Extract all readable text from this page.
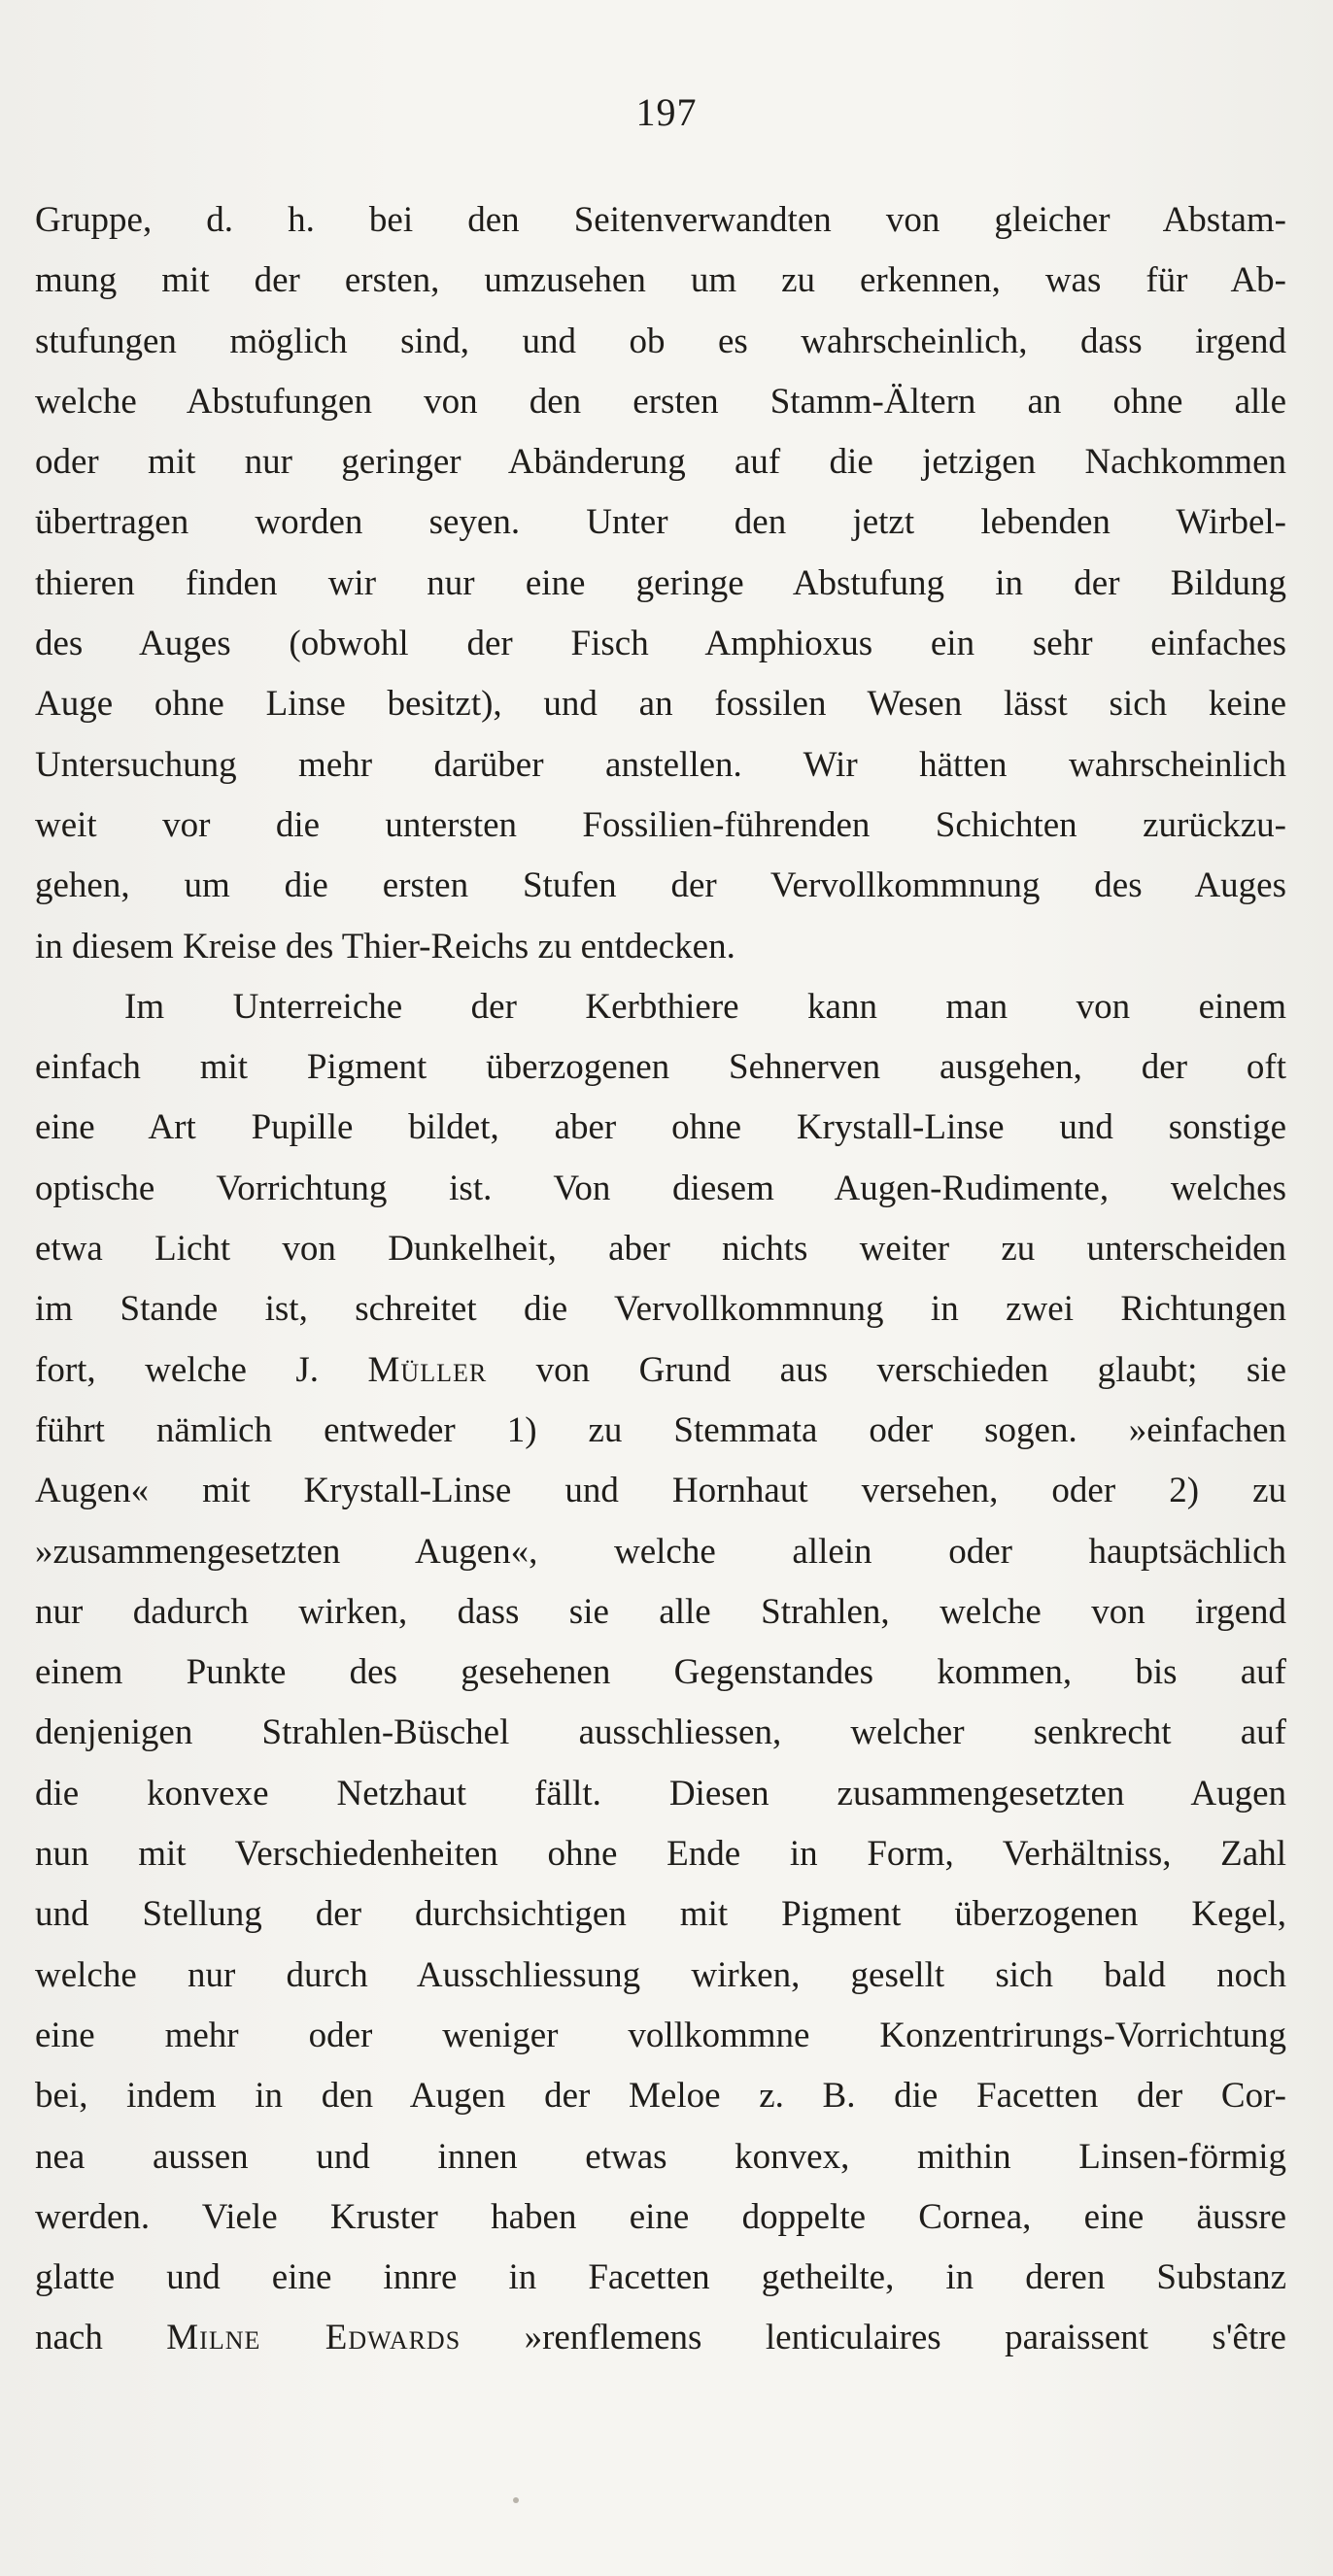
197
Gruppe, d. h. bei den Seitenverwandten von gleicher Abstam-
mung mit der ersten, umzusehen um zu erkennen, was für Ab-
stufungen möglich sind, und ob es wahrscheinlich, dass irgend
welche Abstufungen von den ersten Stamm-Ältern an ohne alle
oder mit nur geringer Abänderung auf die jetzigen Nachkommen
übertragen worden seyen. Unter den jetzt lebenden Wirbel-
thieren finden wir nur eine geringe Abstufung in der Bildung
des Auges (obwohl der Fisch Amphioxus ein sehr einfaches
Auge ohne Linse besitzt), und an fossilen Wesen lässt sich keine
Untersuchung mehr darüber anstellen. Wir hätten wahrscheinlich
weit vor die untersten Fossilien-führenden Schichten zurückzu-
gehen, um die ersten Stufen der Vervollkommnung des Auges
in diesem Kreise des Thier-Reichs zu entdecken.
Im Unterreiche der Kerbthiere kann man von einem
einfach mit Pigment überzogenen Sehnerven ausgehen, der oft
eine Art Pupille bildet, aber ohne Krystall-Linse und sonstige
optische Vorrichtung ist. Von diesem Augen-Rudimente, welches
etwa Licht von Dunkelheit, aber nichts weiter zu unterscheiden
im Stande ist, schreitet die Vervollkommnung in zwei Richtungen
fort, welche J. Müller von Grund aus verschieden glaubt; sie
führt nämlich entweder 1) zu Stemmata oder sogen. »einfachen
Augen« mit Krystall-Linse und Hornhaut versehen, oder 2) zu
»zusammengesetzten Augen«, welche allein oder hauptsächlich
nur dadurch wirken, dass sie alle Strahlen, welche von irgend
einem Punkte des gesehenen Gegenstandes kommen, bis auf
denjenigen Strahlen-Büschel ausschliessen, welcher senkrecht auf
die konvexe Netzhaut fällt. Diesen zusammengesetzten Augen
nun mit Verschiedenheiten ohne Ende in Form, Verhältniss, Zahl
und Stellung der durchsichtigen mit Pigment überzogenen Kegel,
welche nur durch Ausschliessung wirken, gesellt sich bald noch
eine mehr oder weniger vollkommne Konzentrirungs-Vorrichtung
bei, indem in den Augen der Meloe z. B. die Facetten der Cor-
nea aussen und innen etwas konvex, mithin Linsen-förmig
werden. Viele Kruster haben eine doppelte Cornea, eine äussre
glatte und eine innre in Facetten getheilte, in deren Substanz
nach Milne Edwards »renflemens lenticulaires paraissent s'être
